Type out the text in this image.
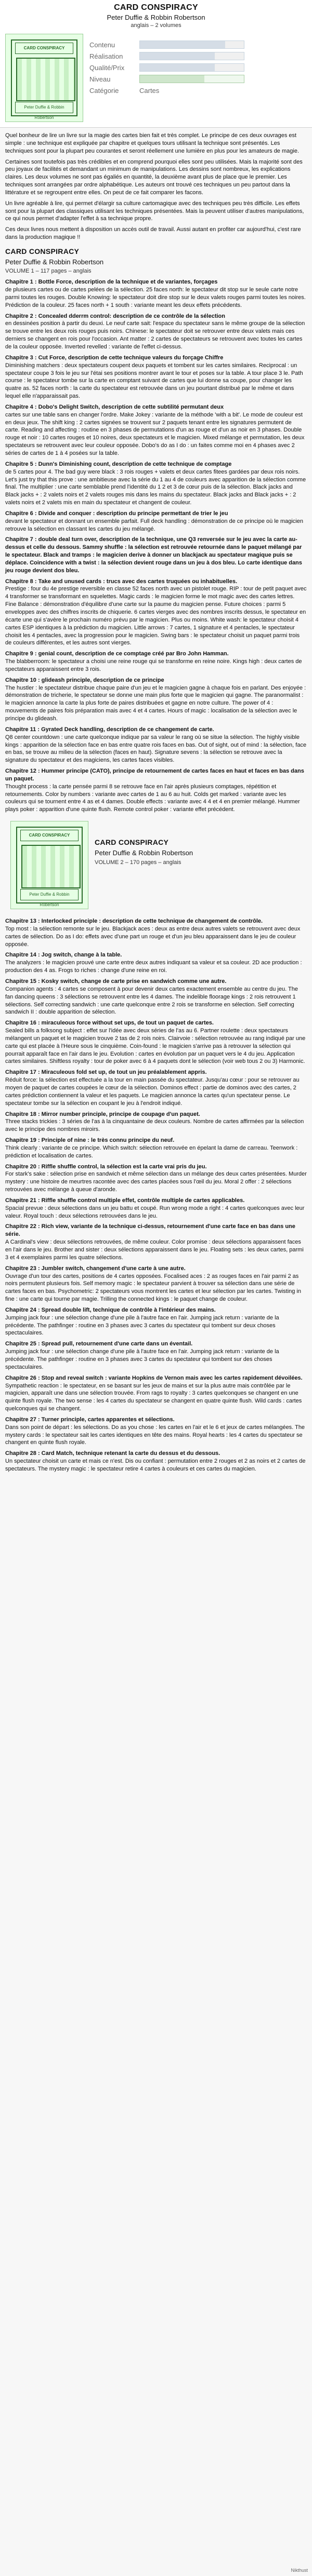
CARD CONSPIRACY
Peter Duffie & Robbin Robertson
anglais – 2 volumes
CARD CONSPIRACY
Peter Duffie & Robbin Robertson
Contenu
Réalisation
Qualité/Prix
Niveau
Catégorie	Cartes

Quel bonheur de lire un livre sur la magie des cartes bien fait et très complet. Le principe de ces deux ouvrages est simple : une technique est expliquée par chapitre et quelques tours utilisant la technique sont présentés. Les techniques sont pour la plupart peu courantes et seront réellement une lumière en plus pour les amateurs de magie.

Certaines sont toutefois pas très crédibles et en comprend pourquoi elles sont peu utilisées. Mais la majorité sont des peu joyaux de facilités et demandant un minimum de manipulations. Les dessins sont nombreux, les explications claires. Les deux volumes ne sont pas égaliés en quantité, la deuxième avant plus de place que le premier. Les techniques sont arrangées par ordre alphabétique. Les auteurs ont trouvé ces techniques un peu partout dans la littérature et se regroupent entre elles. On peut de ce fait comparer les facons.

Un livre agréable à lire, qui permet d'élargir sa culture cartomagique avec des techniques peu très difficile. Les effets sont pour la plupart des classiques utilisant les techniques présentées. Mais la peuvent utiliser d'autres manipulations, ce qui nous permet d'adapter l'effet à sa technique propre.

Ces deux livres nous mettent à disposition un accès outil de travail. Aussi autant en profiter car aujourd'hui, c'est rare dans la production magique !!

CARD CONSPIRACY
Peter Duffie & Robbin Robertson
VOLUME 1 – 117 pages – anglais
Chapitre 1 : Bottle Force, description de la technique et de variantes, forçages
de plusieurs cartes ou de cartes pelées de la sélection. 25 faces north: le spectateur dit stop sur le seule carte notre parmi toutes les rouges. Double Knowing: le spectateur doit dire stop sur le deux valets rouges parmi toutes les noires. Prédiction de la couleur. 25 faces north + 1 south : variante meant les deux effets précédents.
Chapitre 2 : Concealed dderrm control: description de ce contrôle de la sélection
en dessinées position à partir du deuxi. Le neuf carte sait: l'espace du spectateur sans le même groupe de la sélection se trouve entre les deux rois rouges puis noirs. Chinese: le spectateur doit se retrouver entre deux valets mais ces derniers se changent en rois pour l'occasion. Ant matter : 2 cartes de spectateurs se retrouvent avec toutes les cartes de la couleur opposée. Inverted revelled : variante de l'effet ci-dessus.
Chapitre 3 : Cut Force, description de cette technique valeurs du forçage Chiffre
Diminishing matchers : deux spectateurs coupent deux paquets et tombent sur les cartes similaires. Reciprocal : un spectateur coupe 3 fois le jeu sur l'étai ses positions montrer avant le tour et poses sur la table. A tour place 3 le. Path course : le spectateur tombe sur la carte en comptant suivant de cartes que lui donne sa coupe, pour changer les quatre as. 52 faces north : la carte du spectateur est retrouvée dans un jeu pourtant distribué par le même et dans lequel elle n'apparaissait pas.
Chapitre 4 : Dobo's Delight Switch, description de cette subtilité permutant deux
cartes sur une table sans en changer l'ordre. Make Jokey : variante de la méthode 'with a bit'. Le mode de couleur est en deux jeux. The shift king : 2 cartes signées se trouvent sur 2 paquets tenant entre les signatures permutent de carte. Reading and affecting : routine en 3 phases de permutations d'un as rouge et d'un as noir en 3 phases. Double rouge et noir : 10 cartes rouges et 10 noires, deux spectateurs et le magicien. Mixed mélange et permutation, les deux spectateurs se retrouvent avec leur couleur opposée. Dobo's do as I do : un faites comme moi en 4 phases avec 2 séries de cartes de 1 à 4 posées sur la table.
Chapitre 5 : Dunn's Diminishing count, description de cette technique de comptage
de 5 cartes pour 4. The bad guy were black : 3 rois rouges + valets et deux cartes fitees gardées par deux rois noirs. Let's just try that this prove : une ambitieuse avec la série du 1 au 4 de couleurs avec apparition de la sélection comme final. The multiplier : une carte semblable prend l'identité du 1 2 et 3 de cœur puis de la sélection. Black jacks and Black jacks + : 2 valets noirs et 2 valets rouges mis dans les mains du spectateur. Black jacks and Black jacks + : 2 valets noirs et 2 valets mis en main du spectateur et changent de couleur.
Chapitre 6 : Divide and conquer : description du principe permettant de trier le jeu
devant le spectateur et donnant un ensemble parfait. Full deck handling : démonstration de ce principe où le magicien retrouve la sélection en classant les cartes du jeu mélangé.
Chapitre 7 : double deal turn over, description de la technique, une Q3 renversée sur le jeu avec la carte au-dessus et celle du dessous. Sammy shuffle : la sélection est retrouvée retournée dans le paquet mélangé par le spectateur. Black and tramps : le magicien derive à donner un blackjack au spectateur magique puis se déplace. Coincidence with a twist : la sélection devient rouge dans un jeu à dos bleu. Lo carte identique dans jeu rouge devient dos bleu.
Chapitre 8 : Take and unused cards : trucs avec des cartes truquées ou inhabituelles.
Prestige : four du 4e prestige reversible en classe 52 faces north avec un pistolet rouge. RIP : tour de petit paquet avec 4 transformer se transformant en squelettes. Magic cards : le magicien forme le mot magic avec des cartes lettres. Fine Balance : démonstration d'équilibre d'une carte sur la paume du magicien pense. Future choices : parmi 5 enveloppes avec des chiffres inscrits de chiquerie. 6 cartes vierges avec des nombres inscrits dessus, le spectateur en écarte une qui s'avère le prochain numéro prévu par le magicien. Plus ou moins. White wash: le spectateur choisit 4 cartes ESP identiques à la prédiction du magicien. Little arrows : 7 cartes, 1 signature et 4 pentacles, le spectateur choisit les 4 pentacles, avec la progression pour le magicien. Swing bars : le spectateur choisit un paquet parmi trois de couleurs différentes, et les autres sont vierges.
Chapitre 9 : genial count, description de ce comptage créé par Bro John Hamman.
The blabberroom: le spectateur a choisi une reine rouge qui se transforme en reine noire. Kings high : deux cartes de spectateurs apparaissent entre 3 rois.
Chapitre 10 : glideash principle, description de ce principe
The hustler : le spectateur distribue chaque paire d'un jeu et le magicien gagne à chaque fois en parlant. Des enjoyée : démonstration de tricherie, le spectateur se donne une main plus forte que le magicien qui gagne. The paranormalist : le magicien annonce la carte la plus forte de paires distribuées et gagne en notre culture. The power of 4 : mouvements de paires fois préparation mais avec 4 et 4 cartes. Hours of magic : localisation de la sélection avec le principe du glideash.
Chapitre 11 : Gyrated Deck handling, description de ce changement de carte.
Q8 center countdown : une carte quelconque indique par sa valeur le rang où se situe la sélection. The highly visible kings : apparition de la sélection face en bas entre quatre rois faces en bas. Out of sight, out of mind : la sélection, face en bas, se trouve au milieu de la sélection (faces en haut). Signature sevens : la sélection se retrouve avec la signature du spectateur et des magiciens, les cartes faces visibles.
Chapitre 12 : Hummer principe (CATO), principe de retournement de cartes faces en haut et faces en bas dans un paquet.
Thought process : la carte pensée parmi 8 se retrouve face en l'air après plusieurs comptages, répétition et retournements. Color by numbers : variante avec cartes de 1 au 6 au huit. Colds get marked : variante avec les couleurs qui se tournent entre 4 as et 4 dames. Double effects : variante avec 4 4 et 4 en premier mélangé. Hummer plays poker : apparition d'une quinte flush. Remote control poker : variante effet précédent.
CARD CONSPIRACY
Peter Duffie & Robbin Robertson
CARD CONSPIRACY
Peter Duffie & Robbin Robertson
VOLUME 2 – 170 pages – anglais
Chapitre 13 : Interlocked principle : description de cette technique de changement de contrôle.
Top most : la sélection remonte sur le jeu. Blackjack aces : deux as entre deux autres valets se retrouvent avec deux cartes de sélection. Do as I do: effets avec d'une part un rouge et d'un jeu bleu apparaissent dans le jeu de couleur opposée.
Chapitre 14 : Jog switch, change à la table.
The analyzers : le magicien prouvé une carte entre deux autres indiquant sa valeur et sa couleur. 2D ace production : production des 4 as. Frogs to riches : change d'une reine en roi.
Chapitre 15 : Kosky switch, change de carte prise en sandwich comme une autre.
Companion agents : 4 cartes se composent à pour devenir deux cartes exactement ensemble au centre du jeu. The fan dancing queens : 3 sélections se retrouvent entre les 4 dames. The indelible floorage kings : 2 rois retrouvent 1 sélections. Self correcting sandwich : une carte quelconque entre 2 rois se transforme en sélection. Self correcting sandwich II : double apparition de sélection.
Chapitre 16 : miraculeous force without set ups, de tout un paquet de cartes.
Sealed bills a folksong subject : effet sur l'idée avec deux séries de l'as au 6. Partner roulette : deux spectateurs mélangent un paquet et le magicien trouve 2 tas de 2 rois noirs. Clairvoie : sélection retrouvée au rang indiqué par une carte qui est placée à l'Heure sous le cinquième. Coin-found : le magicien s'arrive pas à retrouver la sélection qui pourrait apparaît face en l'air dans le jeu. Evolution : cartes en évolution par un paquet vers le 4 du jeu. Application cartes similaires. Shiftless royalty : tour de poker avec 6 à 4 paquets dont le sélection (voir web tous 2 ou 3) Harmonic.
Chapitre 17 : Miraculeous fold set up, de tout un jeu préalablement appris.
Réduit force: la sélection est effectuée a la tour en main passée du spectateur. Jusqu'au cœur : pour se retrouver au moyen de paquet de cartes coupées le cœur de la sélection. Dominos effect : partie de dominos avec des cartes, 2 cartes prédiction contiennent la valeur et les paquets. Le magicien annonce la cartes qu'un spectateur pense. Le spectateur tombe sur la sélection en coupant le jeu à l'endroit indiqué.
Chapitre 18 : Mirror number principle, principe de coupage d'un paquet.
Three stacks trickies : 3 séries de l'as à la cinquantaine de deux couleurs. Nombre de cartes affirmées par la sélection avec le principe des nombres miroirs.
Chapitre 19 : Principle of nine : le très connu principe du neuf.
Think clearly : variante de ce principe. Which switch: sélection retrouvée en épelant la dame de carreau. Teenwork : prédiction et localisation de cartes.
Chapitre 20 : Riffle shuffle control, la sélection est la carte vrai pris du jeu.
For stark's sake : sélection prise en sandwich et même sélection dans un mélange des deux cartes présentées. Murder mystery : une histoire de meurtres racontée avec des cartes placées sous l'œil du jeu. Moral 2 offer : 2 sélections retrouvées avec mélange à queue d'aronde.
Chapitre 21 : Riffle shuffle control multiple effet, contrôle multiple de cartes applicables.
Spacial prevue : deux sélections dans un jeu battu et coupé. Run wrong mode a right : 4 cartes quelconques avec leur valeur. Royal touch : deux sélections retrouvées dans le jeu.
Chapitre 22 : Rich view, variante de la technique ci-dessus, retournement d'une carte face en bas dans une série.
A Cardinal's view : deux sélections retrouvées, de même couleur. Color promise : deux sélections apparaissent faces en l'air dans le jeu. Brother and sister : deux sélections apparaissent dans le jeu. Floating sets : les deux cartes, parmi 3 et 4 exemplaires parmi les quatre sélections.
Chapitre 23 : Jumbler switch, changement d'une carte à une autre.
Ouvrage d'un tour des cartes, positions de 4 cartes opposées. Focalised aces : 2 as rouges faces en l'air parmi 2 as noirs permutent plusieurs fois. Self memory magic : le spectateur parvient à trouver sa sélection dans une série de cartes faces en bas. Psychometric: 2 spectateurs vous montrent les cartes et leur sélection par les cartes. Twisting in fine : une carte qui tourne par magie. Trilling the connected kings : le paquet change de couleur.
Chapitre 24 : Spread double lift, technique de contrôle à l'intérieur des mains.
Jumping jack four : une sélection change d'une pile à l'autre face en l'air. Jumping jack return : variante de la précédente. The pathfinger : routine en 3 phases avec 3 cartes du spectateur qui tombent sur deux choses spectaculaires.
Chapitre 25 : Spread pull, retournement d'une carte dans un éventail.
Jumping jack four : une sélection change d'une pile à l'autre face en l'air. Jumping jack return : variante de la précédente. The pathfinger : routine en 3 phases avec 3 cartes du spectateur qui tombent sur des choses spectaculaires.
Chapitre 26 : Stop and reveal switch : variante Hopkins de Vernon mais avec les cartes rapidement dévoilées.
Sympathetic reaction : le spectateur, en se basant sur les jeux de mains et sur la plus autre mais contrôlée par le magicien, apparaît une dans une sélection trouvée. From rags to royalty : 3 cartes quelconques se changent en une quinte flush royale. The two sense : les 4 cartes du spectateur se changent en quatre quinte flush. Wild cards : cartes quelconques qui se changent.
Chapitre 27 : Turner principle, cartes apparentes et sélections.
Dans son point de départ : les sélections. Do as you chose : les cartes en l'air et le 6 et jeux de cartes mélangées. The mystery cards : le spectateur sait les cartes identiques en tête des mains. Royal hearts : les 4 cartes du spectateur se changent en quinte flush royale.
Chapitre 28 : Card Match, technique retenant la carte du dessus et du dessous.
Un spectateur choisit un carte et mais ce n'est. Dis ou confiant : permutation entre 2 rouges et 2 as noirs et 2 cartes de spectateurs. The mystery magic : le spectateur retire 4 cartes à couleurs et ces cartes du magicien.
Nikthust
